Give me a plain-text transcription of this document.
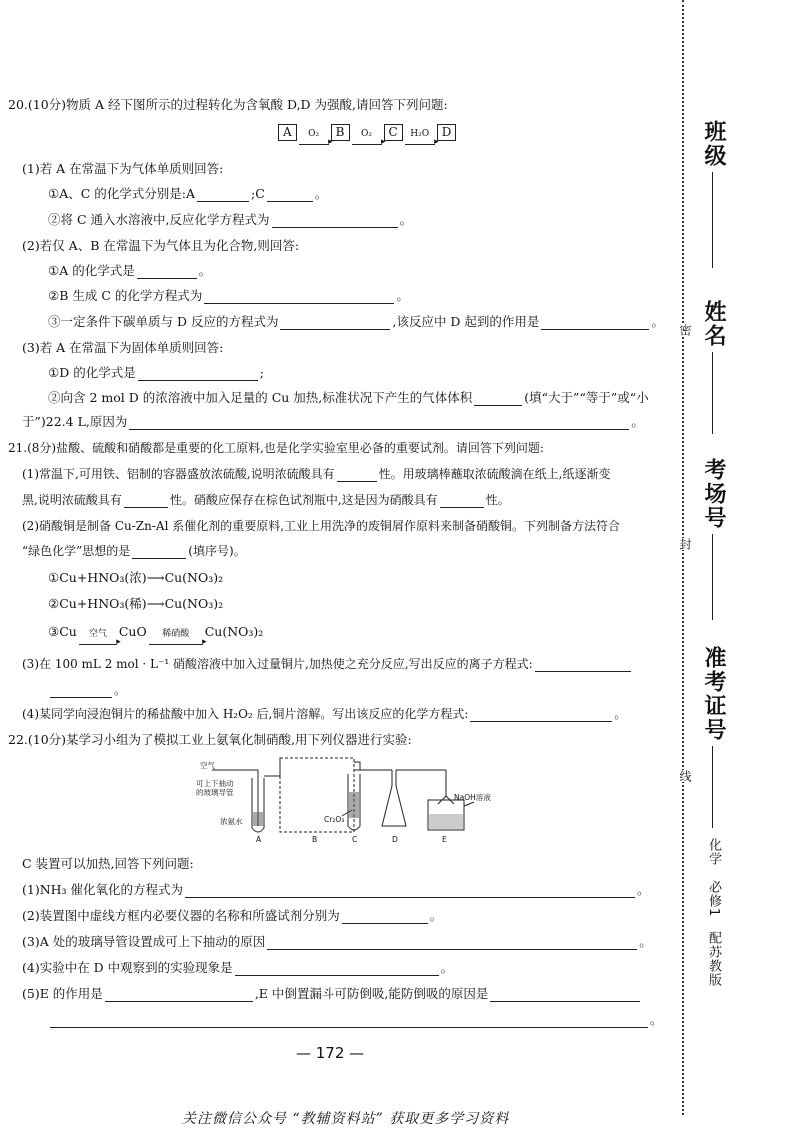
20.(10分)物质 A 经下图所示的过程转化为含氧酸 D,D 为强酸,请回答下列问题:
A ▸ O₂ B ▸ O₂ C ▸ H₂O D
(1)若 A 在常温下为气体单质则回答:
①A、C 的化学式分别是:A	;C	。
②将 C 通入水溶液中,反应化学方程式为	。
(2)若仅 A、B 在常温下为气体且为化合物,则回答:
①A 的化学式是	。
②B 生成 C 的化学方程式为	。
③一定条件下碳单质与 D 反应的方程式为	,该反应中 D 起到的作用是	。
(3)若 A 在常温下为固体单质则回答:
①D 的化学式是	;
②向含 2 mol D 的浓溶液中加入足量的 Cu 加热,标准状况下产生的气体体积	(填“大于”“等于”或“小
于”)22.4 L,原因为	。
21.(8分)盐酸、硫酸和硝酸都是重要的化工原料,也是化学实验室里必备的重要试剂。请回答下列问题:
(1)常温下,可用铁、铝制的容器盛放浓硫酸,说明浓硫酸具有	性。用玻璃棒蘸取浓硫酸滴在纸上,纸逐渐变
黑,说明浓硫酸具有	性。硝酸应保存在棕色试剂瓶中,这是因为硝酸具有	性。
(2)硝酸铜是制备 Cu-Zn-Al 系催化剂的重要原料,工业上用洗净的废铜屑作原料来制备硝酸铜。下列制备方法符合
“绿色化学”思想的是	(填序号)。
①Cu+HNO₃(浓)⟶Cu(NO₃)₂
②Cu+HNO₃(稀)⟶Cu(NO₃)₂
③Cu ▸ 空气 CuO ▸ 稀硝酸 Cu(NO₃)₂
(3)在 100 mL 2 mol · L⁻¹ 硝酸溶液中加入过量铜片,加热使之充分反应,写出反应的离子方程式:
。
(4)某同学向浸泡铜片的稀盐酸中加入 H₂O₂ 后,铜片溶解。写出该反应的化学方程式:	。
22.(10分)某学习小组为了模拟工业上氨氧化制硝酸,用下列仪器进行实验:
空气
可上下抽动
的玻璃导管
浓氨水	Cr₂O₃
NaOH溶液
A	B	C	D	E
C 装置可以加热,回答下列问题:
(1)NH₃ 催化氧化的方程式为	。
(2)装置图中虚线方框内必要仪器的名称和所盛试剂分别为	。
(3)A 处的玻璃导管设置成可上下抽动的原因	。
(4)实验中在 D 中观察到的实验现象是	。
(5)E 的作用是	,E 中倒置漏斗可防倒吸,能防倒吸的原因是
。
— 172 —
关注微信公众号 “教辅资料站” 获取更多学习资料
班级
姓名
密
考场号
封
准考证号
线
化学　必修1　配苏教版
